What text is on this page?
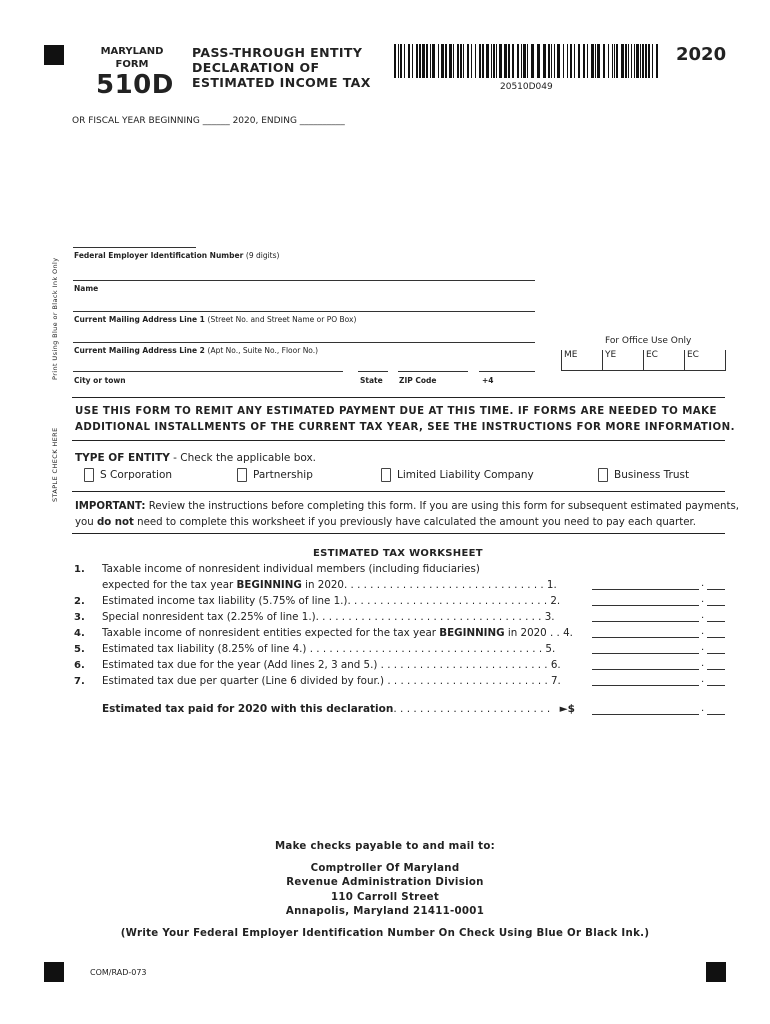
MARYLAND
FORM
510D
PASS-THROUGH ENTITY
DECLARATION OF
ESTIMATED INCOME TAX	20510D049
2020
OR FISCAL YEAR BEGINNING ______ 2020, ENDING __________
Print Using Blue or Black Ink Only
STAPLE CHECK HERE
Federal Employer Identification Number (9 digits)
Name
Current Mailing Address Line 1 (Street No. and Street Name or PO Box)
Current Mailing Address Line 2 (Apt No., Suite No., Floor No.)
City or town	State ZIP Code	+4
For Office Use Only
ME	YE	EC	EC
USE THIS FORM TO REMIT ANY ESTIMATED PAYMENT DUE AT THIS TIME. IF FORMS ARE NEEDED TO MAKE
ADDITIONAL INSTALLMENTS OF THE CURRENT TAX YEAR, SEE THE INSTRUCTIONS FOR MORE INFORMATION.
TYPE OF ENTITY - Check the applicable box.
S Corporation	Partnership	Limited Liability Company	Business Trust
IMPORTANT: Review the instructions before completing this form. If you are using this form for subsequent estimated payments,
you do not need to complete this worksheet if you previously have calculated the amount you need to pay each quarter.
ESTIMATED TAX WORKSHEET
1. Taxable income of nonresident individual members (including fiduciaries)
expected for the tax year BEGINNING in 2020. . . . . . . . . . . . . . . . . . . . . . . . . . . . . . . 1.	.
2. Estimated income tax liability (5.75% of line 1.). . . . . . . . . . . . . . . . . . . . . . . . . . . . . . . 2.	.
3. Special nonresident tax (2.25% of line 1.). . . . . . . . . . . . . . . . . . . . . . . . . . . . . . . . . . . 3.	.
4. Taxable income of nonresident entities expected for the tax year BEGINNING in 2020 . . 4.	.
5. Estimated tax liability (8.25% of line 4.) . . . . . . . . . . . . . . . . . . . . . . . . . . . . . . . . . . . . 5.	.
6. Estimated tax due for the year (Add lines 2, 3 and 5.) . . . . . . . . . . . . . . . . . . . . . . . . . . 6.	.
7. Estimated tax due per quarter (Line 6 divided by four.) . . . . . . . . . . . . . . . . . . . . . . . . . 7.	.
Estimated tax paid for 2020 with this declaration. . . . . . . . . . . . . . . . . . . . . . . . ►$	.
Make checks payable to and mail to:
Comptroller Of Maryland
Revenue Administration Division
110 Carroll Street
Annapolis, Maryland 21411-0001
(Write Your Federal Employer Identification Number On Check Using Blue Or Black Ink.)
COM/RAD-073
